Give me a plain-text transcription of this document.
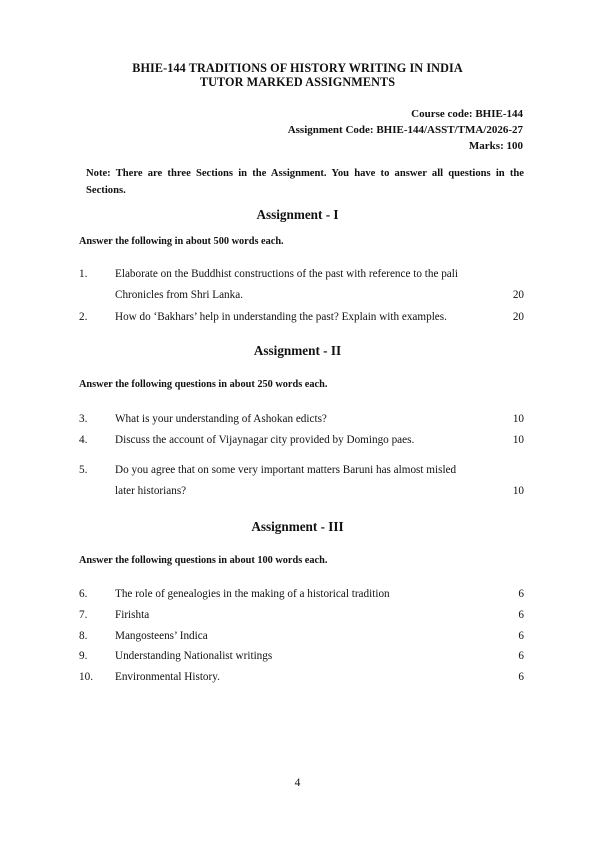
BHIE-144 TRADITIONS OF HISTORY WRITING IN INDIA
TUTOR MARKED ASSIGNMENTS
Course code: BHIE-144
Assignment Code: BHIE-144/ASST/TMA/2026-27
Marks: 100
Note: There are three Sections in the Assignment. You have to answer all questions in the Sections.
Assignment - I
Answer the following in about 500 words each.
1. Elaborate on the Buddhist constructions of the past with reference to the pali
Chronicles from Shri Lanka.	20
2. How do ‘Bakhars’ help in understanding the past? Explain with examples.	20
Assignment - II
Answer the following questions in about 250 words each.
3. What is your understanding of Ashokan edicts?	10
4. Discuss the account of Vijaynagar city provided by Domingo paes.	10
5. Do you agree that on some very important matters Baruni has almost misled
later historians?	10
Assignment - III
Answer the following questions in about 100 words each.
6. The role of genealogies in the making of a historical tradition	6
7. Firishta	6
8. Mangosteens’ Indica	6
9. Understanding Nationalist writings	6
10. Environmental History.	6
4
